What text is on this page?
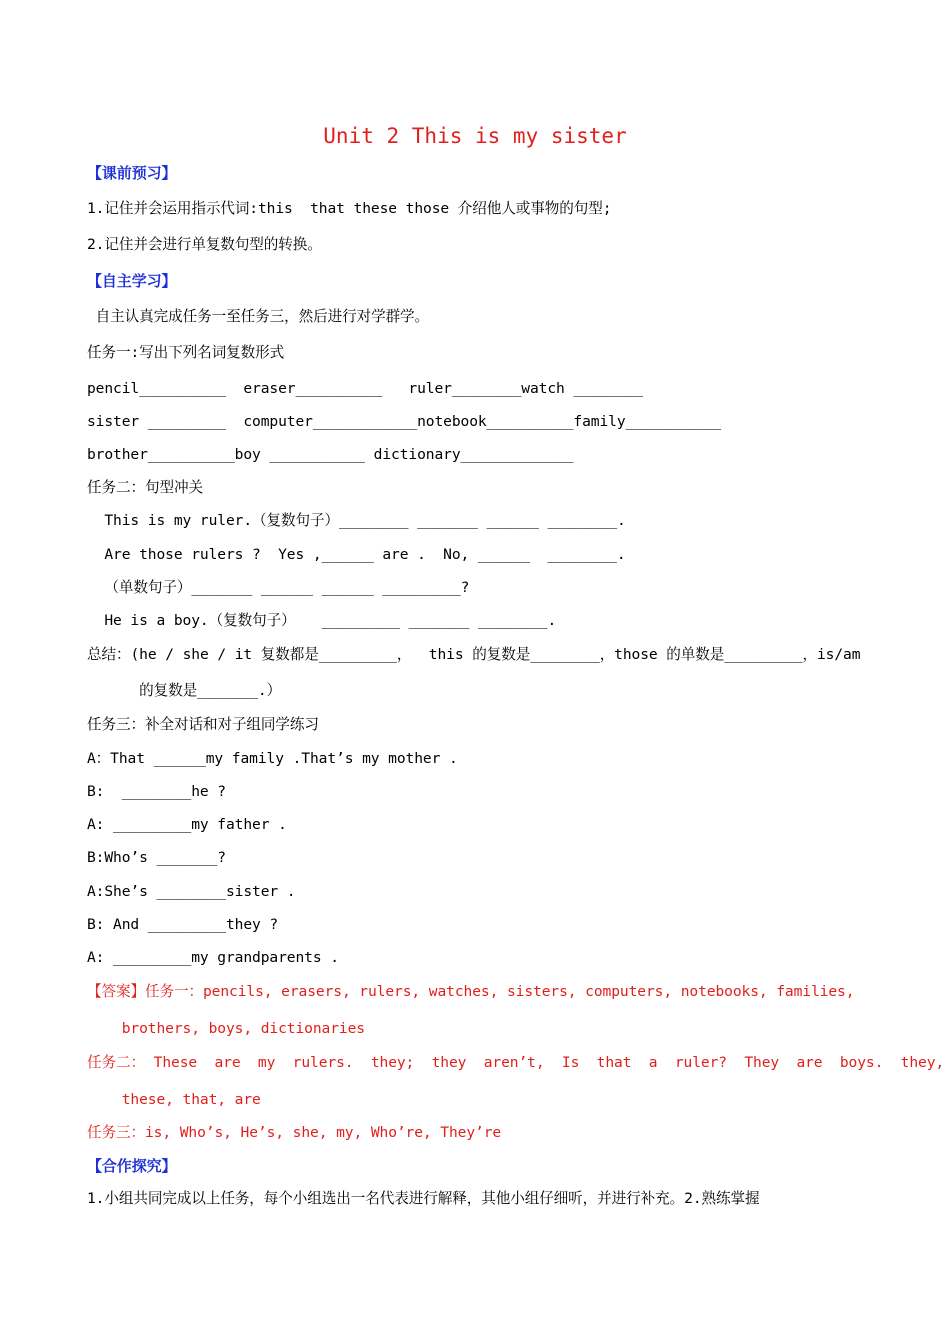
Unit 2 This is my sister
【课前预习】
1.记住并会运用指示代词:this  that these those 介绍他人或事物的句型;
2.记住并会进行单复数句型的转换。
【自主学习】
自主认真完成任务一至任务三，然后进行对学群学。
任务一:写出下列名词复数形式
pencil__________  eraser__________   ruler________watch ________
sister _________  computer____________notebook__________family___________
brother__________boy ___________ dictionary_____________
任务二：句型冲关
This is my ruler.（复数句子）________ _______ ______ ________.
Are those rulers ?  Yes ,______ are .  No, ______  ________.
（单数句子）_______ ______ ______ _________?
He is a boy.（复数句子）   _________ _______ ________.
总结：(he / she / it 复数都是_________，  this 的复数是________，those 的单数是_________，is/am
的复数是_______.）
任务三：补全对话和对子组同学练习
A：That ______my family .That’s my mother .
B:  ________he ?
A: _________my father .
B:Who’s _______?
A:She’s ________sister .
B: And _________they ?
A: _________my grandparents .
【答案】任务一：pencils, erasers, rulers, watches, sisters, computers, notebooks, families,
brothers, boys, dictionaries
任务二： These  are  my  rulers.  they;  they  aren’t,  Is  that  a  ruler?  They  are  boys.  they,
these, that, are
任务三：is, Who’s, He’s, she, my, Who’re, They’re
【合作探究】
1.小组共同完成以上任务，每个小组选出一名代表进行解释，其他小组仔细听，并进行补充。2.熟练掌握
